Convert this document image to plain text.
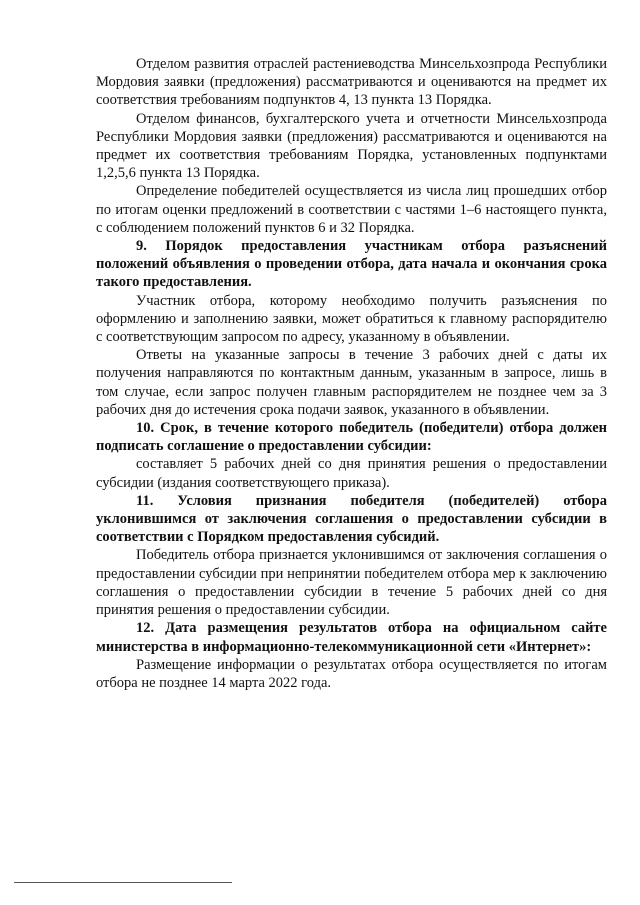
Отделом развития отраслей растениеводства Минсельхозпрода Республики Мордовия заявки (предложения) рассматриваются и оцениваются на предмет их соответствия требованиям подпунктов 4, 13 пункта 13 Порядка.

Отделом финансов, бухгалтерского учета и отчетности Минсельхозпрода Республики Мордовия заявки (предложения) рассматриваются и оцениваются на предмет их соответствия требованиям Порядка, установленных подпунктами 1,2,5,6 пункта 13 Порядка.

Определение победителей осуществляется из числа лиц прошедших отбор по итогам оценки предложений в соответствии с частями 1–6 настоящего пункта, с соблюдением положений пунктов 6 и 32 Порядка.

9. Порядок предоставления участникам отбора разъяснений положений объявления о проведении отбора, дата начала и окончания срока такого предоставления.

Участник отбора, которому необходимо получить разъяснения по оформлению и заполнению заявки, может обратиться к главному распорядителю с соответствующим запросом по адресу, указанному в объявлении.

Ответы на указанные запросы в течение 3 рабочих дней с даты их получения направляются по контактным данным, указанным в запросе, лишь в том случае, если запрос получен главным распорядителем не позднее чем за 3 рабочих дня до истечения срока подачи заявок, указанного в объявлении.

10. Срок, в течение которого победитель (победители) отбора должен подписать соглашение о предоставлении субсидии:

составляет 5 рабочих дней со дня принятия решения о предоставлении субсидии (издания соответствующего приказа).

11. Условия признания победителя (победителей) отбора уклонившимся от заключения соглашения о предоставлении субсидии в соответствии с Порядком предоставления субсидий.

Победитель отбора признается уклонившимся от заключения соглашения о предоставлении субсидии при непринятии победителем отбора мер к заключению соглашения о предоставлении субсидии в течение 5 рабочих дней со дня принятия решения о предоставлении субсидии.

12. Дата размещения результатов отбора на официальном сайте министерства в информационно-телекоммуникационной сети «Интернет»:

Размещение информации о результатах отбора осуществляется по итогам отбора не позднее 14 марта 2022 года.
